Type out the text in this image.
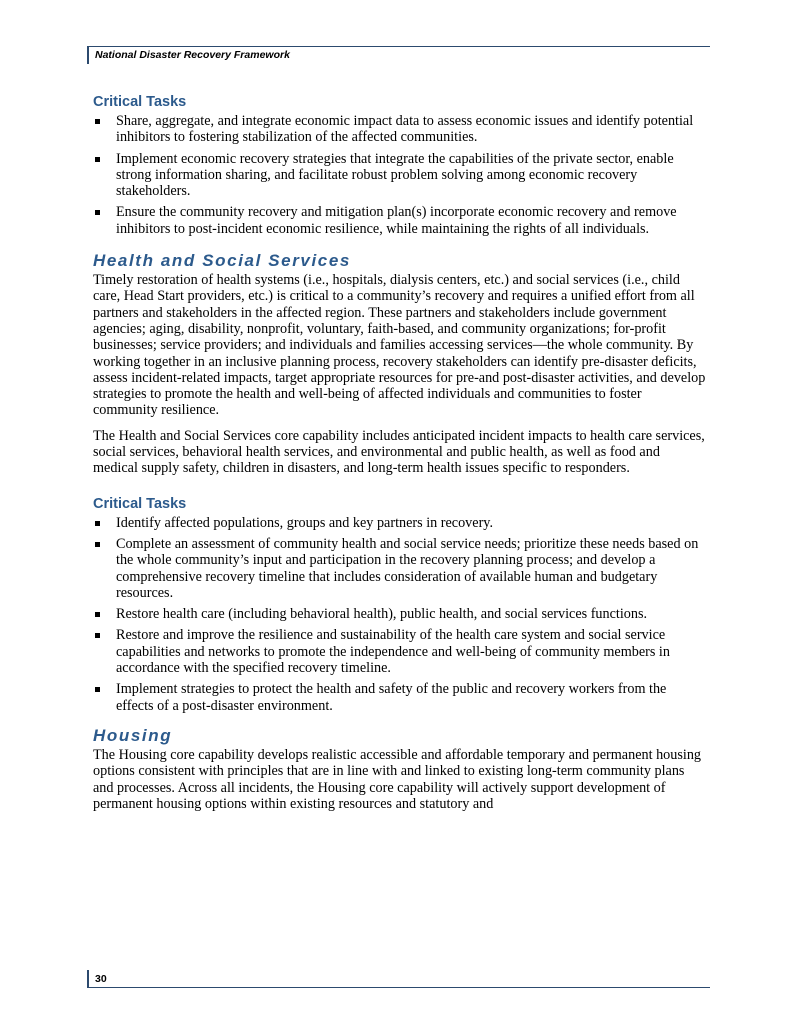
National Disaster Recovery Framework
Critical Tasks
Share, aggregate, and integrate economic impact data to assess economic issues and identify potential inhibitors to fostering stabilization of the affected communities.
Implement economic recovery strategies that integrate the capabilities of the private sector, enable strong information sharing, and facilitate robust problem solving among economic recovery stakeholders.
Ensure the community recovery and mitigation plan(s) incorporate economic recovery and remove inhibitors to post-incident economic resilience, while maintaining the rights of all individuals.
Health and Social Services

Timely restoration of health systems (i.e., hospitals, dialysis centers, etc.) and social services (i.e., child care, Head Start providers, etc.) is critical to a community’s recovery and requires a unified effort from all partners and stakeholders in the affected region. These partners and stakeholders include government agencies; aging, disability, nonprofit, voluntary, faith-based, and community organizations; for-profit businesses; service providers; and individuals and families accessing services—the whole community. By working together in an inclusive planning process, recovery stakeholders can identify pre-disaster deficits, assess incident-related impacts, target appropriate resources for pre-and post-disaster activities, and develop strategies to promote the health and well-being of affected individuals and communities to foster community resilience.

The Health and Social Services core capability includes anticipated incident impacts to health care services, social services, behavioral health services, and environmental and public health, as well as food and medical supply safety, children in disasters, and long-term health issues specific to responders.

Critical Tasks
Identify affected populations, groups and key partners in recovery.
Complete an assessment of community health and social service needs; prioritize these needs based on the whole community’s input and participation in the recovery planning process; and develop a comprehensive recovery timeline that includes consideration of available human and budgetary resources.
Restore health care (including behavioral health), public health, and social services functions.
Restore and improve the resilience and sustainability of the health care system and social service capabilities and networks to promote the independence and well-being of community members in accordance with the specified recovery timeline.
Implement strategies to protect the health and safety of the public and recovery workers from the effects of a post-disaster environment.
Housing

The Housing core capability develops realistic accessible and affordable temporary and permanent housing options consistent with principles that are in line with and linked to existing long-term community plans and processes. Across all incidents, the Housing core capability will actively support development of permanent housing options within existing resources and statutory and

30
